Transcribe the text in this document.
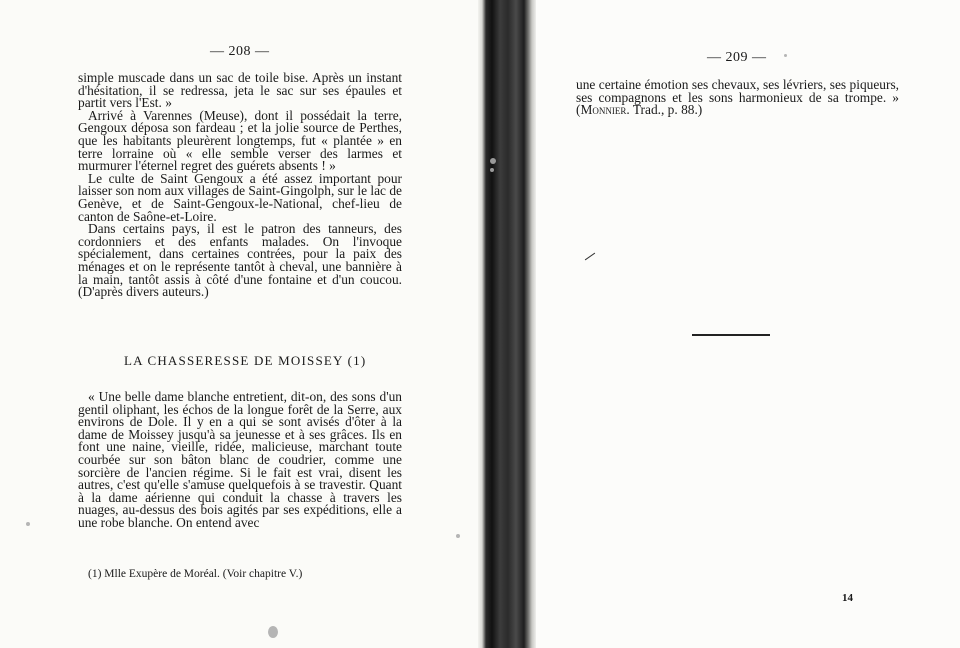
— 208 —

simple muscade dans un sac de toile bise. Après un instant d'hésitation, il se redressa, jeta le sac sur ses épaules et partit vers l'Est. »

Arrivé à Varennes (Meuse), dont il possédait la terre, Gengoux déposa son fardeau ; et la jolie source de Perthes, que les habitants pleurèrent longtemps, fut « plantée » en terre lorraine où « elle semble verser des larmes et murmurer l'éternel regret des guérets absents ! »

Le culte de Saint Gengoux a été assez important pour laisser son nom aux villages de Saint-Gingolph, sur le lac de Genève, et de Saint-Gengoux-le-National, chef-lieu de canton de Saône-et-Loire.

Dans certains pays, il est le patron des tanneurs, des cordonniers et des enfants malades. On l'invoque spécialement, dans certaines contrées, pour la paix des ménages et on le représente tantôt à cheval, une bannière à la main, tantôt assis à côté d'une fontaine et d'un coucou. (D'après divers auteurs.)

LA CHASSERESSE DE MOISSEY (1)

« Une belle dame blanche entretient, dit-on, des sons d'un gentil oliphant, les échos de la longue forêt de la Serre, aux environs de Dole. Il y en a qui se sont avisés d'ôter à la dame de Moissey jusqu'à sa jeunesse et à ses grâces. Ils en font une naine, vieille, ridée, malicieuse, marchant toute courbée sur son bâton blanc de coudrier, comme une sorcière de l'ancien régime. Si le fait est vrai, disent les autres, c'est qu'elle s'amuse quelquefois à se travestir. Quant à la dame aérienne qui conduit la chasse à travers les nuages, au-dessus des bois agités par ses expéditions, elle a une robe blanche. On entend avec

(1) Mlle Exupère de Moréal. (Voir chapitre V.)
— 209 —

une certaine émotion ses chevaux, ses lévriers, ses piqueurs, ses compagnons et les sons harmonieux de sa trompe. » (Monnier. Trad., p. 88.)

14
